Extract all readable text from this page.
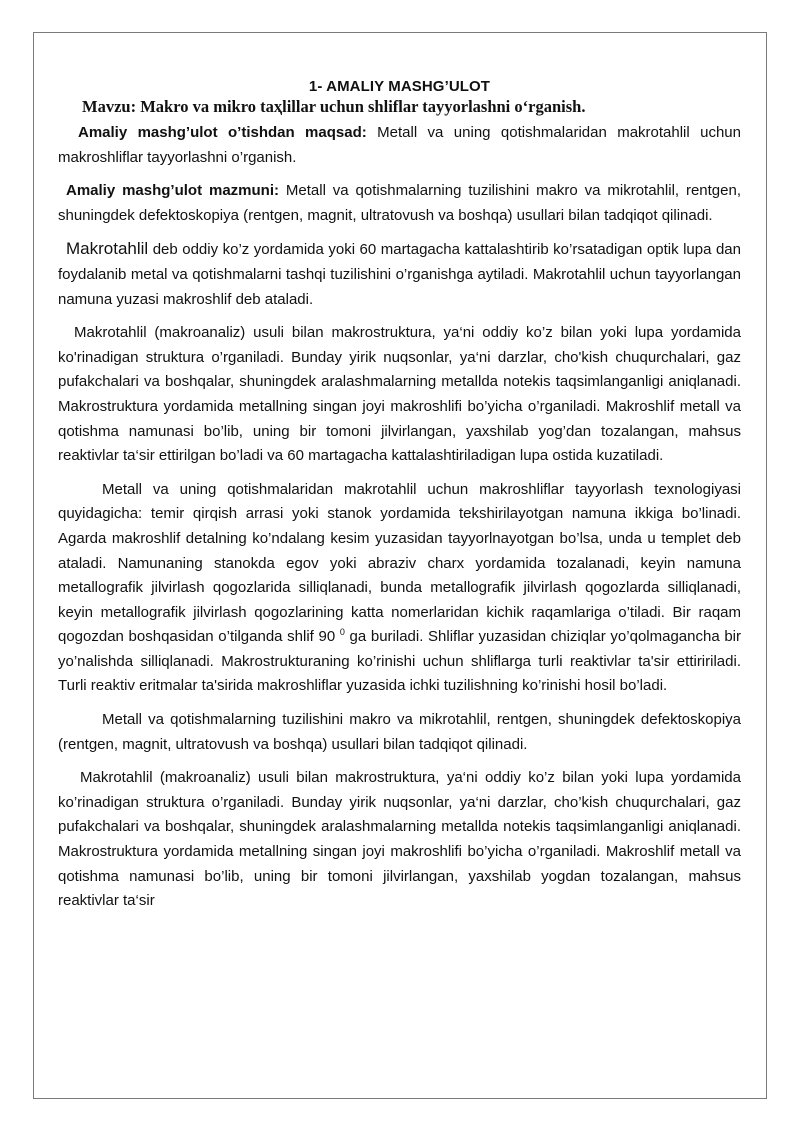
1- AMALIY MASHG’ULOT
Mavzu: Makro va mikro taҳlillar uchun shliflar tayyorlashni o‘rganish.

Amaliy mashg’ulot o’tishdan maqsad: Metall va uning qotishmalaridan makrotahlil uchun makroshliflar tayyorlashni o’rganish.

Amaliy mashg’ulot mazmuni: Metall va qotishmalarning tuzilishini makro va mikrotahlil, rentgen, shuningdek defektoskopiya (rentgen, magnit, ultratovush va boshqa) usullari bilan tadqiqot qilinadi.

Makrotahlil deb oddiy ko’z yordamida yoki 60 martagacha kattalashtirib ko’rsatadigan optik lupa dan foydalanib metal va qotishmalarni tashqi tuzilishini o’rganishga aytiladi. Makrotahlil uchun tayyorlangan namuna yuzasi makroshlif deb ataladi.

Makrotahlil (makroanaliz) usuli bilan makrostruktura, ya‘ni oddiy ko’z bilan yoki lupa yordamida ko'rinadigan struktura o’rganiladi. Bunday yirik nuqsonlar, ya‘ni darzlar, cho'kish chuqurchalari, gaz pufakchalari va boshqalar, shuningdek aralashmalarning metallda notekis taqsimlanganligi aniqlanadi. Makrostruktura yordamida metallning singan joyi makroshlifi bo’yicha o’rganiladi. Makroshlif metall va qotishma namunasi bo’lib, uning bir tomoni jilvirlangan, yaxshilab yog’dan tozalangan, mahsus reaktivlar ta‘sir ettirilgan bo’ladi va 60 martagacha kattalashtiriladigan lupa ostida kuzatiladi.

Metall va uning qotishmalaridan makrotahlil uchun makroshliflar tayyorlash texnologiyasi quyidagicha: temir qirqish arrasi yoki stanok yordamida tekshirilayotgan namuna ikkiga bo’linadi. Agarda makroshlif detalning ko’ndalang kesim yuzasidan tayyorlnayotgan bo’lsa, unda u templet deb ataladi. Namunaning stanokda egov yoki abraziv charx yordamida tozalanadi, keyin namuna metallografik jilvirlash qogozlarida silliqlanadi, bunda metallografik jilvirlash qogozlarda silliqlanadi, keyin metallografik jilvirlash qogozlarining katta nomerlaridan kichik raqamlariga o’tiladi. Bir raqam qogozdan boshqasidan o’tilganda shlif 90 $^0$ ga buriladi. Shliflar yuzasidan chiziqlar yo’qolmagancha bir yo’nalishda silliqlanadi. Makrostrukturaning ko’rinishi uchun shliflarga turli reaktivlar ta'sir ettiririladi. Turli reaktiv eritmalar ta'sirida makroshliflar yuzasida ichki tuzilishning ko’rinishi hosil bo’ladi.

Metall va qotishmalarning tuzilishini makro va mikrotahlil, rentgen, shuningdek defektoskopiya (rentgen, magnit, ultratovush va boshqa) usullari bilan tadqiqot qilinadi.

Makrotahlil (makroanaliz) usuli bilan makrostruktura, ya‘ni oddiy ko’z bilan yoki lupa yordamida ko’rinadigan struktura o’rganiladi. Bunday yirik nuqsonlar, ya‘ni darzlar, cho’kish chuqurchalari, gaz pufakchalari va boshqalar, shuningdek aralashmalarning metallda notekis taqsimlanganligi aniqlanadi. Makrostruktura yordamida metallning singan joyi makroshlifi bo’yicha o’rganiladi. Makroshlif metall va qotishma namunasi bo’lib, uning bir tomoni jilvirlangan, yaxshilab yogdan tozalangan, mahsus reaktivlar ta‘sir
